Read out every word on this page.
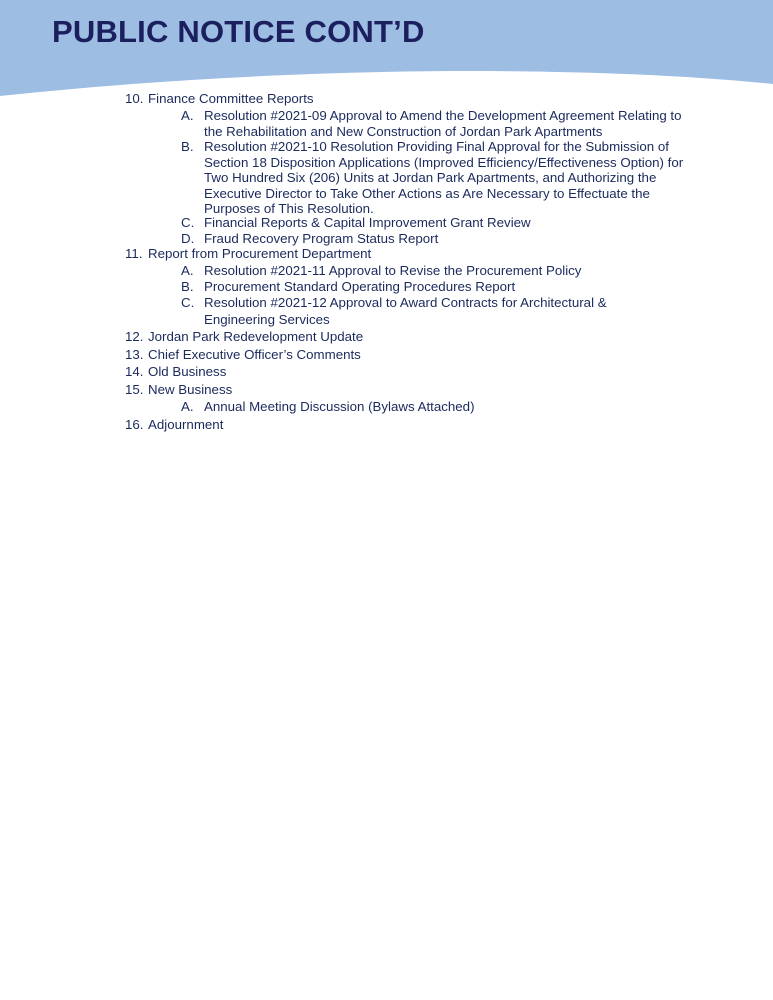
PUBLIC NOTICE CONT’D
10. Finance Committee Reports
A. Resolution #2021-09 Approval to Amend the Development Agreement Relating to the Rehabilitation and New Construction of Jordan Park Apartments
B. Resolution #2021-10 Resolution Providing Final Approval for the Submission of Section 18 Disposition Applications (Improved Efficiency/Effectiveness Option) for Two Hundred Six (206) Units at Jordan Park Apartments, and Authorizing the Executive Director to Take Other Actions as Are Necessary to Effectuate the Purposes of This Resolution.
C. Financial Reports & Capital Improvement Grant Review
D. Fraud Recovery Program Status Report
11. Report from Procurement Department
A. Resolution #2021-11 Approval to Revise the Procurement Policy
B. Procurement Standard Operating Procedures Report
C. Resolution #2021-12 Approval to Award Contracts for Architectural & Engineering Services
12. Jordan Park Redevelopment Update
13. Chief Executive Officer’s Comments
14. Old Business
15. New Business
A. Annual Meeting Discussion (Bylaws Attached)
16. Adjournment
